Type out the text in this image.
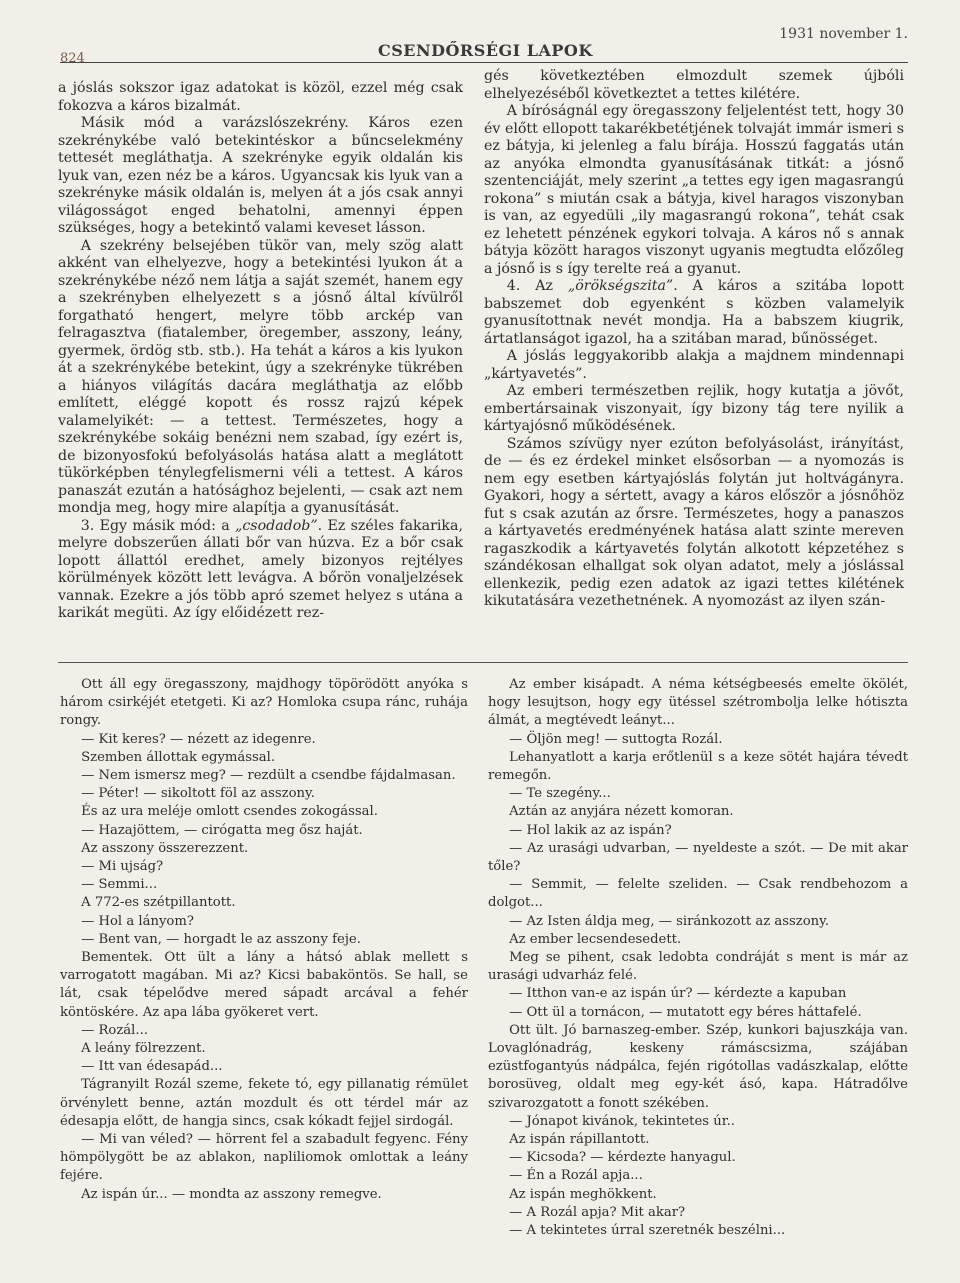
824	CSENDŐRSÉGI LAPOK
1931 november 1.

a jóslás sokszor igaz adatokat is közöl, ezzel még csak fokozva a káros bizalmát.

Másik mód a varázslószekrény. Káros ezen szekrénykébe való betekintéskor a bűncselekmény tettesét megláthatja. A szekrényke egyik oldalán kis lyuk van, ezen néz be a káros. Ugyancsak kis lyuk van a szekrényke másik oldalán is, melyen át a jós csak annyi világosságot enged behatolni, amennyi éppen szükséges, hogy a betekintő valami keveset lásson.

A szekrény belsejében tükör van, mely szög alatt akként van elhelyezve, hogy a betekintési lyukon át a szekrénykébe néző nem látja a saját szemét, hanem egy a szekrényben elhelyezett s a jósnő által kívülről forgatható hengert, melyre több arckép van felragasztva (fiatalember, öregember, asszony, leány, gyermek, ördög stb. stb.). Ha tehát a káros a kis lyukon át a szekrénykébe betekint, úgy a szekrényke tükrében a hiányos világítás dacára megláthatja az előbb említett, eléggé kopott és rossz rajzú képek valamelyikét: — a tettest. Természetes, hogy a szekrénykébe sokáig benézni nem szabad, így ezért is, de bizonyosfokú befolyásolás hatása alatt a meglátott tükörképben ténylegfelismerni véli a tettest. A káros panaszát ezután a hatósághoz bejelenti, — csak azt nem mondja meg, hogy mire alapítja a gyanusítását.

3. Egy másik mód: a „csodadob”. Ez széles fakarika, melyre dobszerűen állati bőr van húzva. Ez a bőr csak lopott állattól eredhet, amely bizonyos rejtélyes körülmények között lett levágva. A bőrön vonaljelzések vannak. Ezekre a jós több apró szemet helyez s utána a karikát megüti. Az így előidézett rez-

gés következtében elmozdult szemek újbóli elhelyezéséből következtet a tettes kilétére.

A bíróságnál egy öregasszony feljelentést tett, hogy 30 év előtt ellopott takarékbetétjének tolvaját immár ismeri s ez bátyja, ki jelenleg a falu bírája. Hosszú faggatás után az anyóka elmondta gyanusításának titkát: a jósnő szentenciáját, mely szerint „a tettes egy igen magasrangú rokona” s miután csak a bátyja, kivel haragos viszonyban is van, az egyedüli „ily magasrangú rokona”, tehát csak ez lehetett pénzének egykori tolvaja. A káros nő s annak bátyja között haragos viszonyt ugyanis megtudta előzőleg a jósnő is s így terelte reá a gyanut.

4. Az „örökségszita”. A káros a szitába lopott babszemet dob egyenként s közben valamelyik gyanusítottnak nevét mondja. Ha a babszem kiugrik, ártatlanságot igazol, ha a szitában marad, bűnösséget.

A jóslás leggyakoribb alakja a majdnem mindennapi „kártyavetés”.

Az emberi természetben rejlik, hogy kutatja a jövőt, embertársainak viszonyait, így bizony tág tere nyilik a kártyajósnő működésének.

Számos szívügy nyer ezúton befolyásolást, irányítást, de — és ez érdekel minket elsősorban — a nyomozás is nem egy esetben kártyajóslás folytán jut holtvágányra. Gyakori, hogy a sértett, avagy a káros először a jósnőhöz fut s csak azután az őrsre. Természetes, hogy a panaszos a kártyavetés eredményének hatása alatt szinte mereven ragaszkodik a kártyavetés folytán alkotott képzetéhez s szándékosan elhallgat sok olyan adatot, mely a jóslással ellenkezik, pedig ezen adatok az igazi tettes kilétének kikutatására vezethetnének. A nyomozást az ilyen szán-

Ott áll egy öregasszony, majdhogy töpörödött anyóka s három csirkéjét etetgeti. Ki az? Homloka csupa ránc, ruhája rongy.

— Kit keres? — nézett az idegenre.

Szemben állottak egymással.

— Nem ismersz meg? — rezdült a csendbe fájdalmasan.

— Péter! — sikoltott föl az asszony.

És az ura meléje omlott csendes zokogással.

— Hazajöttem, — cirógatta meg ősz haját.

Az asszony összerezzent.

— Mi ujság?

— Semmi...

A 772-es szétpillantott.

— Hol a lányom?

— Bent van, — horgadt le az asszony feje.

Bementek. Ott ült a lány a hátsó ablak mellett s varrogatott magában. Mi az? Kicsi babaköntös. Se hall, se lát, csak tépelődve mered sápadt arcával a fehér köntöskére. Az apa lába gyökeret vert.

— Rozál...

A leány fölrezzent.

— Itt van édesapád...

Tágranyilt Rozál szeme, fekete tó, egy pillanatig rémület örvénylett benne, aztán mozdult és ott térdel már az édesapja előtt, de hangja sincs, csak kókadt fejjel sirdogál.

— Mi van véled? — hörrent fel a szabadult fegyenc. Fény hömpölygött be az ablakon, napliliomok omlottak a leány fejére.

Az ispán úr... — mondta az asszony remegve.

Az ember kisápadt. A néma kétségbeesés emelte ökölét, hogy lesujtson, hogy egy ütéssel szétrombolja lelke hótiszta álmát, a megtévedt leányt...

— Öljön meg! — suttogta Rozál.

Lehanyatlott a karja erőtlenül s a keze sötét hajára tévedt remegőn.

— Te szegény...

Aztán az anyjára nézett komoran.

— Hol lakik az az ispán?

— Az urasági udvarban, — nyeldeste a szót. — De mit akar tőle?

— Semmit, — felelte szeliden. — Csak rendbehozom a dolgot...

— Az Isten áldja meg, — siránkozott az asszony.

Az ember lecsendesedett.

Meg se pihent, csak ledobta condráját s ment is már az urasági udvarház felé.

— Itthon van-e az ispán úr? — kérdezte a kapuban

— Ott ül a tornácon, — mutatott egy béres háttafelé.

Ott ült. Jó barnaszeg-ember. Szép, kunkori bajuszkája van. Lovaglónadrág, keskeny rámáscsizma, szájában ezüstfogantyús nádpálca, fején rigótollas vadászkalap, előtte borosüveg, oldalt meg egy-két ásó, kapa. Hátradőlve szivarozgatott a fonott székében.

— Jónapot kivánok, tekintetes úr..

Az ispán rápillantott.

— Kicsoda? — kérdezte hanyagul.

— Én a Rozál apja...

Az ispán meghökkent.

— A Rozál apja? Mit akar?

— A tekintetes úrral szeretnék beszélni...
